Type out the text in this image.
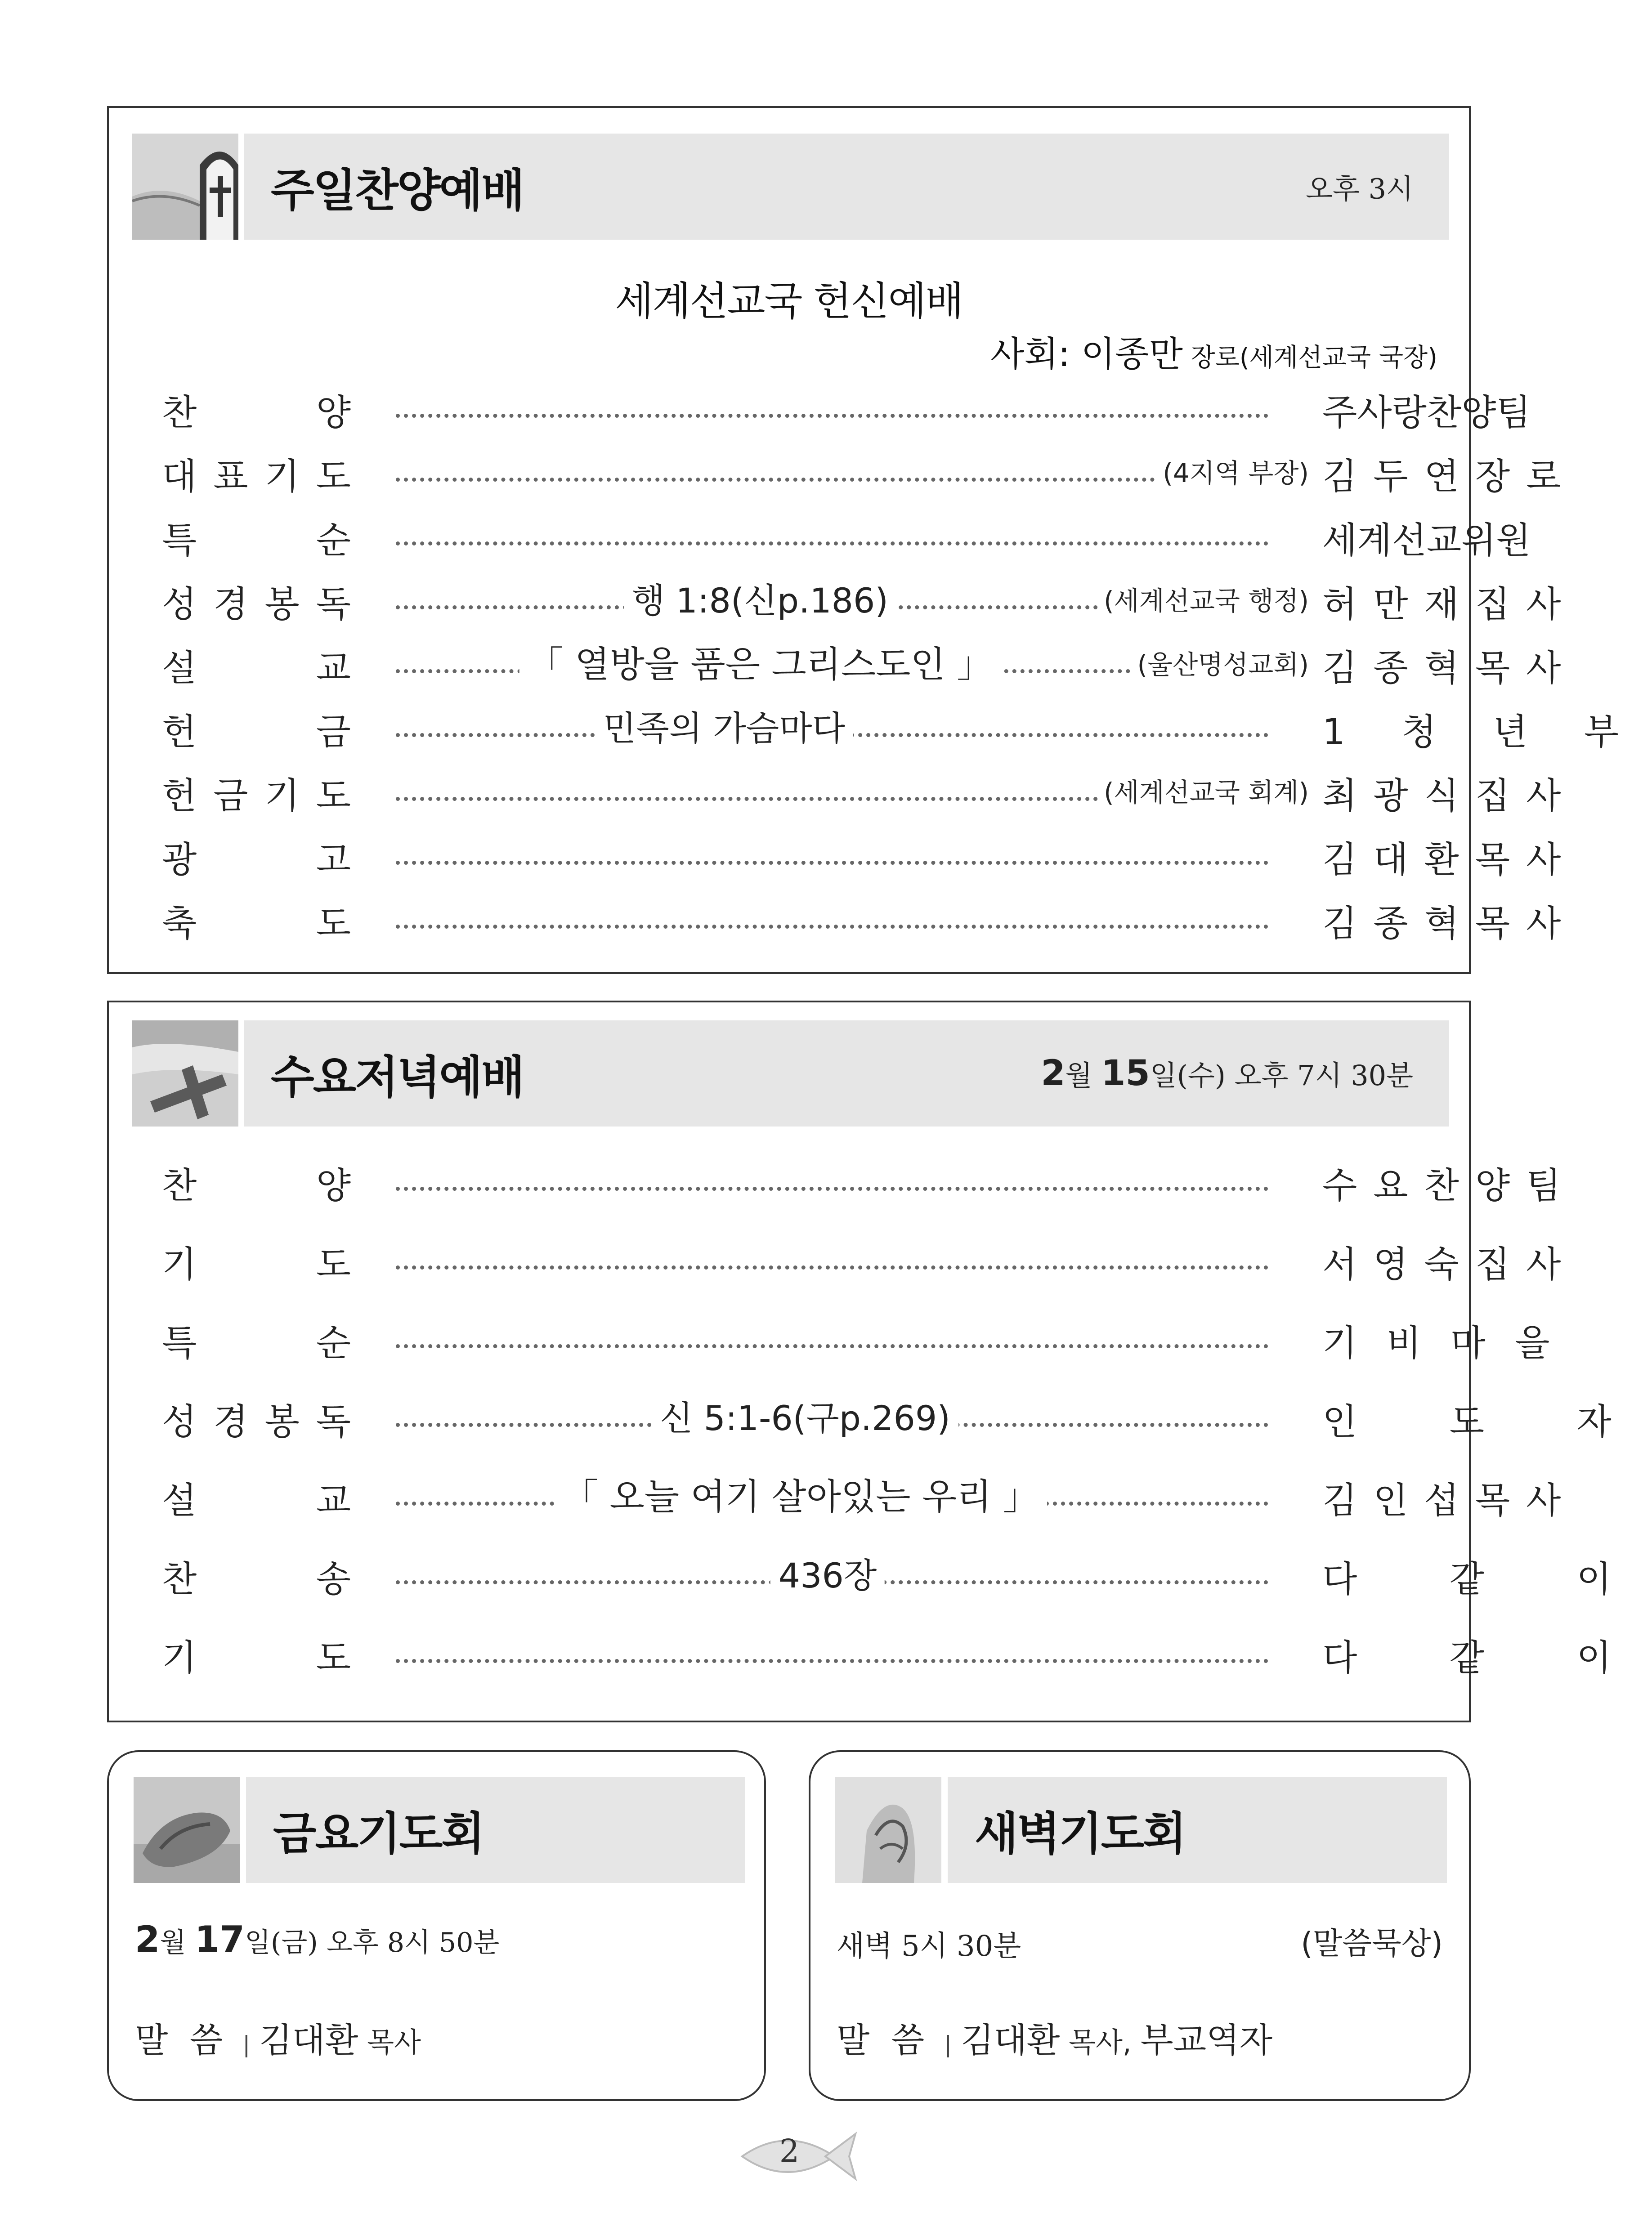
주일찬양예배	오후 3시
세계선교국 헌신예배
사회: 이종만 장로(세계선교국 국장)
찬	양	주사랑찬양팀
대 표 기 도	(4지역 부장) 김두연장로
특	순	세계선교위원
성 경 봉 독	행 1:8(신p.186)	(세계선교국 행정) 허만재집사
설	교	「 열방을 품은 그리스도인 」	(울산명성교회) 김종혁목사
헌	금	민족의 가슴마다	1 청 년 부
헌 금 기 도	(세계선교국 회계) 최광식집사
광	고	김대환목사
축	도	김종혁목사
수요저녁예배	2월 15일(수) 오후 7시 30분
찬	양	수요찬양팀
기	도	서영숙집사
특	순	기 비 마 을
성 경 봉 독	신 5:1-6(구p.269)	인 도 자
설	교	「 오늘 여기 살아있는 우리 」	김인섭목사
찬	송	436장	다 같 이
기	도	다 같 이
금요기도회
2월 17일(금) 오후 8시 50분
말  씀 | 김대환 목사
새벽기도회
새벽 5시 30분	(말씀묵상)
말  씀 | 김대환 목사, 부교역자
2
